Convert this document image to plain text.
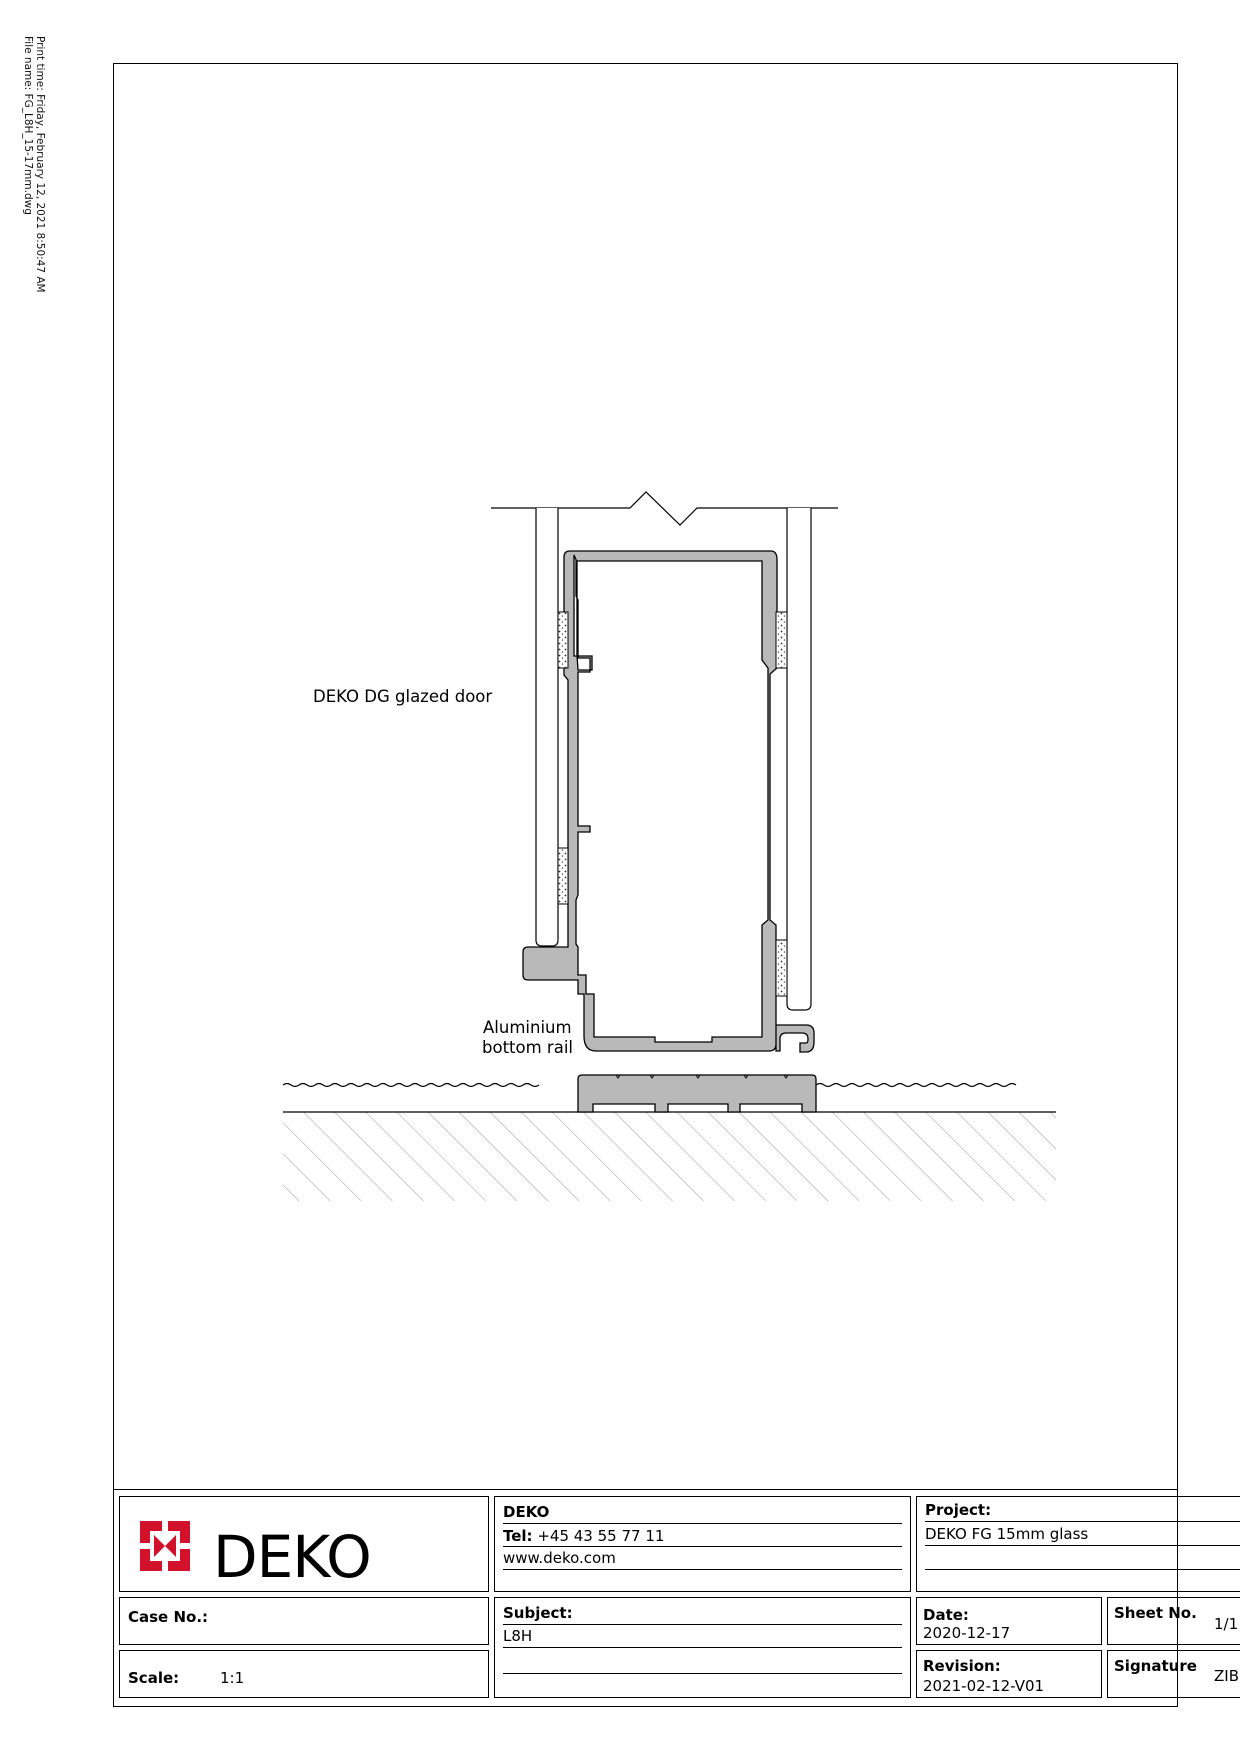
Print time: Friday, February 12, 2021 8:50:47 AM
File name: FG_L8H_15-17mm.dwg
DEKO DG glazed door
Aluminium
bottom rail
DEKO
DEKO
Tel: +45 43 55 77 11
www.deko.com
Project:
DEKO FG 15mm glass
Case No.:
Scale:	1:1
Subject:
L8H
Date:
2020-12-17
Sheet No.
1/1
Revision:
2021-02-12-V01
Signature
ZIB
